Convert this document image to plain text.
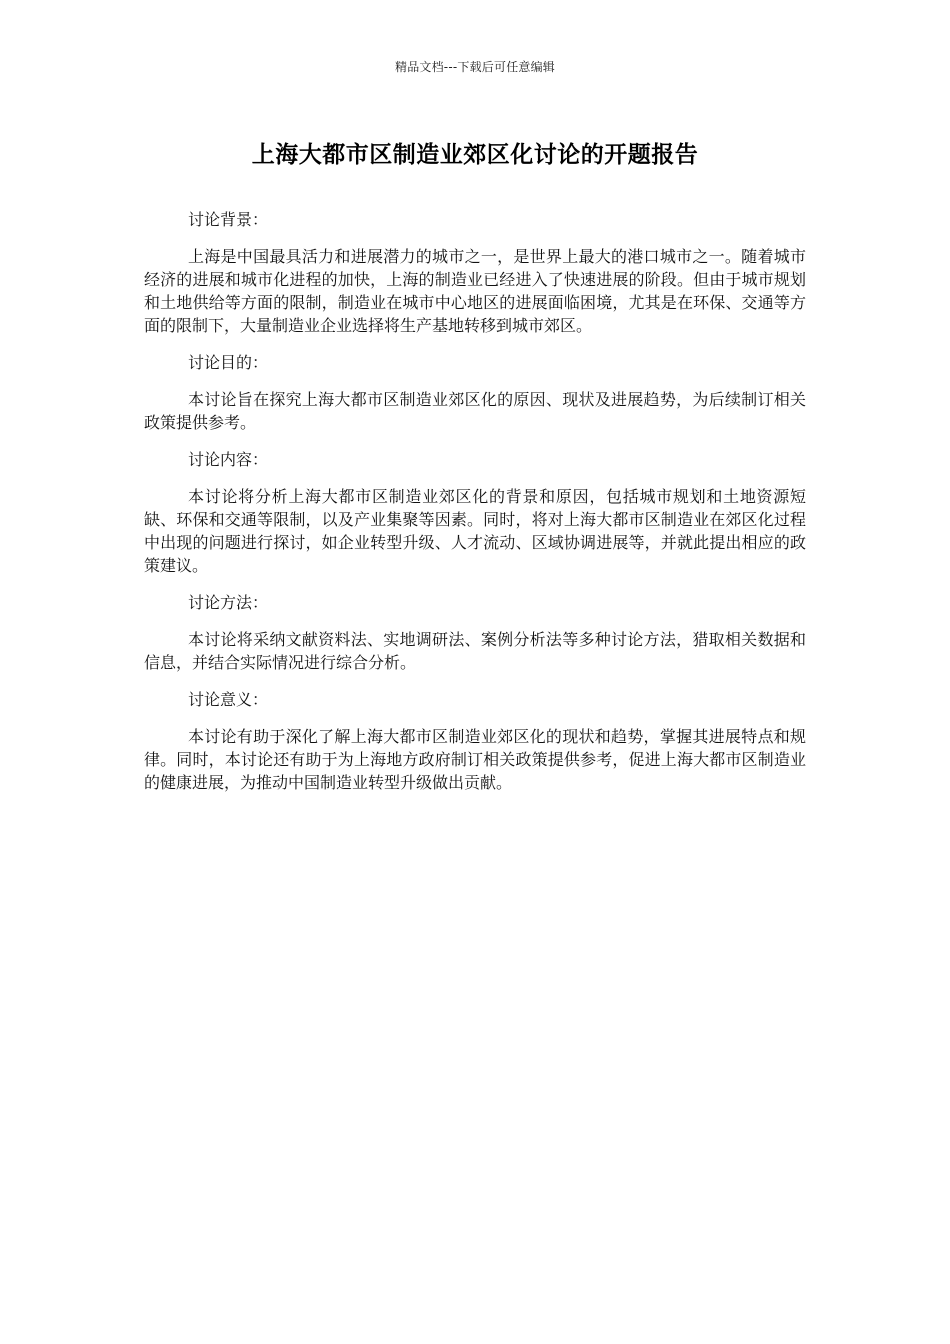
精品文档---下载后可任意编辑
上海大都市区制造业郊区化讨论的开题报告

讨论背景：

上海是中国最具活力和进展潜力的城市之一，是世界上最大的港口城市之一。随着城市经济的进展和城市化进程的加快，上海的制造业已经进入了快速进展的阶段。但由于城市规划和土地供给等方面的限制，制造业在城市中心地区的进展面临困境，尤其是在环保、交通等方面的限制下，大量制造业企业选择将生产基地转移到城市郊区。

讨论目的：

本讨论旨在探究上海大都市区制造业郊区化的原因、现状及进展趋势，为后续制订相关政策提供参考。

讨论内容：

本讨论将分析上海大都市区制造业郊区化的背景和原因，包括城市规划和土地资源短缺、环保和交通等限制，以及产业集聚等因素。同时，将对上海大都市区制造业在郊区化过程中出现的问题进行探讨，如企业转型升级、人才流动、区域协调进展等，并就此提出相应的政策建议。

讨论方法：

本讨论将采纳文献资料法、实地调研法、案例分析法等多种讨论方法，猎取相关数据和信息，并结合实际情况进行综合分析。

讨论意义：

本讨论有助于深化了解上海大都市区制造业郊区化的现状和趋势，掌握其进展特点和规律。同时，本讨论还有助于为上海地方政府制订相关政策提供参考，促进上海大都市区制造业的健康进展，为推动中国制造业转型升级做出贡献。
